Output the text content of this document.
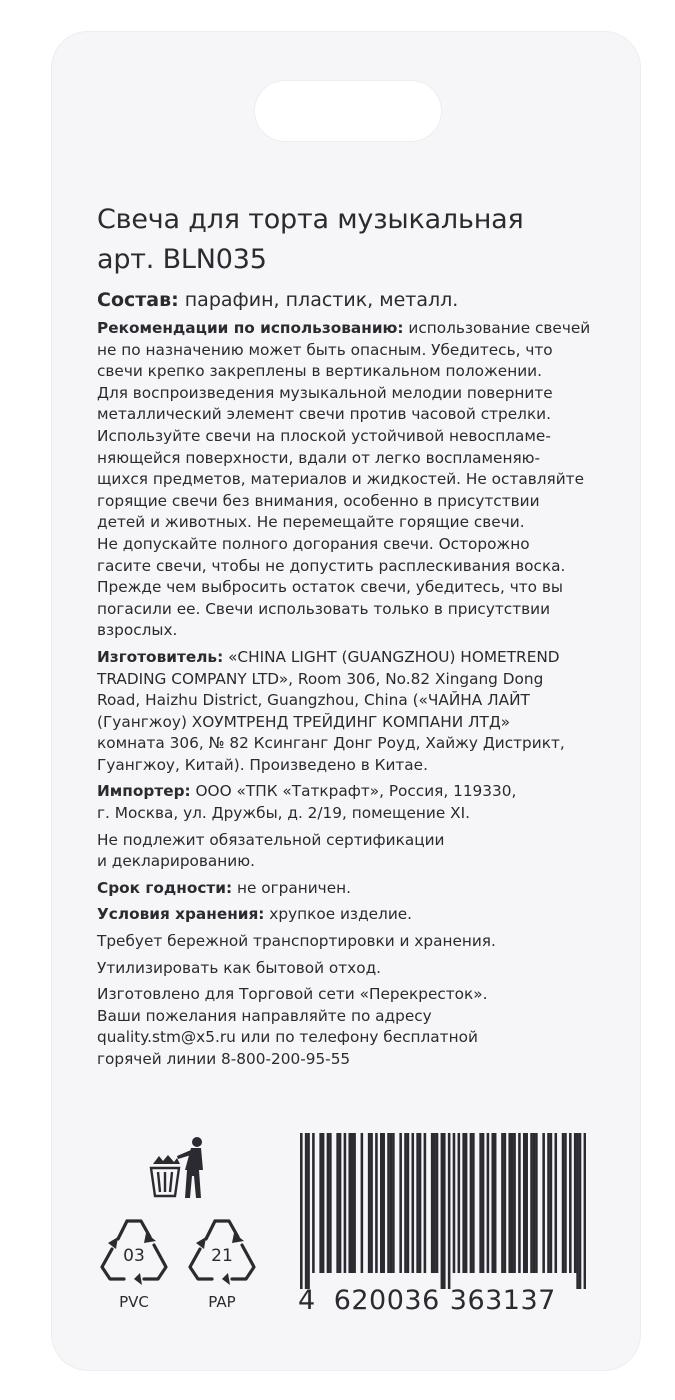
Свеча для торта музыкальная
арт. BLN035
Состав: парафин, пластик, металл.
Рекомендации по использованию: использование свечей
не по назначению может быть опасным. Убедитесь, что
свечи крепко закреплены в вертикальном положении.
Для воспроизведения музыкальной мелодии поверните
металлический элемент свечи против часовой стрелки.
Используйте свечи на плоской устойчивой невоспламе-
няющейся поверхности, вдали от легко воспламеняю-
щихся предметов, материалов и жидкостей. Не оставляйте
горящие свечи без внимания, особенно в присутствии
детей и животных. Не перемещайте горящие свечи.
Не допускайте полного догорания свечи. Осторожно
гасите свечи, чтобы не допустить расплескивания воска.
Прежде чем выбросить остаток свечи, убедитесь, что вы
погасили ее. Свечи использовать только в присутствии
взрослых.
Изготовитель: «CHINA LIGHT (GUANGZHOU) HOMETREND
TRADING COMPANY LTD», Room 306, No.82 Xingang Dong
Road, Haizhu District, Guangzhou, China («ЧАЙНА ЛАЙТ
(Гуангжоу) ХОУМТРЕНД ТРЕЙДИНГ КОМПАНИ ЛТД»
комната 306, № 82 Ксинганг Донг Роуд, Хайжу Дистрикт,
Гуангжоу, Китай). Произведено в Китае.
Импортер: ООО «ТПК «Таткрафт», Россия, 119330,
г. Москва, ул. Дружбы, д. 2/19, помещение XI.
Не подлежит обязательной сертификации
и декларированию.
Срок годности: не ограничен.
Условия хранения: хрупкое изделие.
Требует бережной транспортировки и хранения.
Утилизировать как бытовой отход.
Изготовлено для Торговой сети «Перекресток».
Ваши пожелания направляйте по адресу
quality.stm@x5.ru или по телефону бесплатной
горячей линии 8-800-200-95-55
03
PVC
21
PAP	4 620036 363137
